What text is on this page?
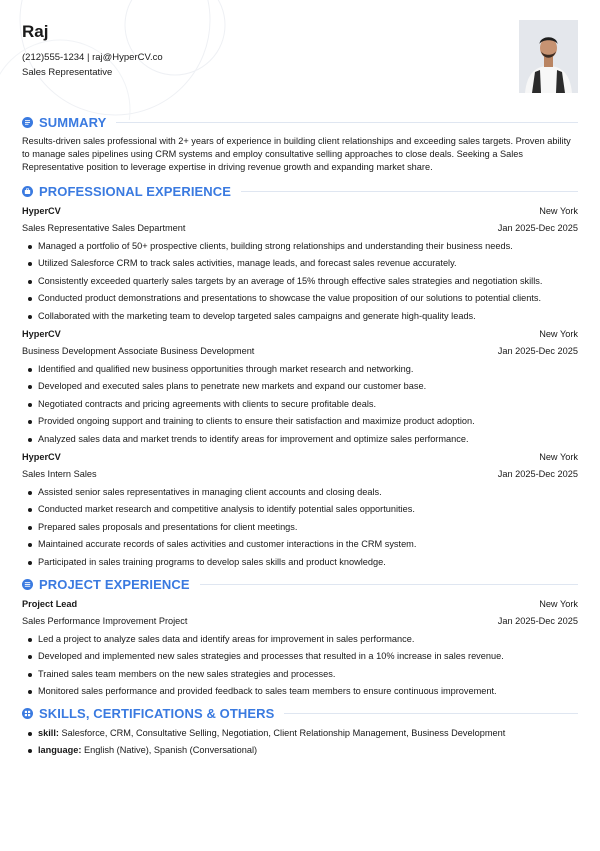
Raj
(212)555-1234 | raj@HyperCV.co
Sales Representative
SUMMARY
Results-driven sales professional with 2+ years of experience in building client relationships and exceeding sales targets. Proven ability to manage sales pipelines using CRM systems and employ consultative selling approaches to close deals. Seeking a Sales Representative position to leverage expertise in driving revenue growth and expanding market share.
PROFESSIONAL EXPERIENCE
HyperCV	New York
Sales Representative Sales Department	Jan 2025-Dec 2025
Managed a portfolio of 50+ prospective clients, building strong relationships and understanding their business needs.
Utilized Salesforce CRM to track sales activities, manage leads, and forecast sales revenue accurately.
Consistently exceeded quarterly sales targets by an average of 15% through effective sales strategies and negotiation skills.
Conducted product demonstrations and presentations to showcase the value proposition of our solutions to potential clients.
Collaborated with the marketing team to develop targeted sales campaigns and generate high-quality leads.
HyperCV	New York
Business Development Associate Business Development	Jan 2025-Dec 2025
Identified and qualified new business opportunities through market research and networking.
Developed and executed sales plans to penetrate new markets and expand our customer base.
Negotiated contracts and pricing agreements with clients to secure profitable deals.
Provided ongoing support and training to clients to ensure their satisfaction and maximize product adoption.
Analyzed sales data and market trends to identify areas for improvement and optimize sales performance.
HyperCV	New York
Sales Intern Sales	Jan 2025-Dec 2025
Assisted senior sales representatives in managing client accounts and closing deals.
Conducted market research and competitive analysis to identify potential sales opportunities.
Prepared sales proposals and presentations for client meetings.
Maintained accurate records of sales activities and customer interactions in the CRM system.
Participated in sales training programs to develop sales skills and product knowledge.
PROJECT EXPERIENCE
Project Lead	New York
Sales Performance Improvement Project	Jan 2025-Dec 2025
Led a project to analyze sales data and identify areas for improvement in sales performance.
Developed and implemented new sales strategies and processes that resulted in a 10% increase in sales revenue.
Trained sales team members on the new sales strategies and processes.
Monitored sales performance and provided feedback to sales team members to ensure continuous improvement.
SKILLS, CERTIFICATIONS & OTHERS
skill: Salesforce, CRM, Consultative Selling, Negotiation, Client Relationship Management, Business Development
language: English (Native), Spanish (Conversational)
